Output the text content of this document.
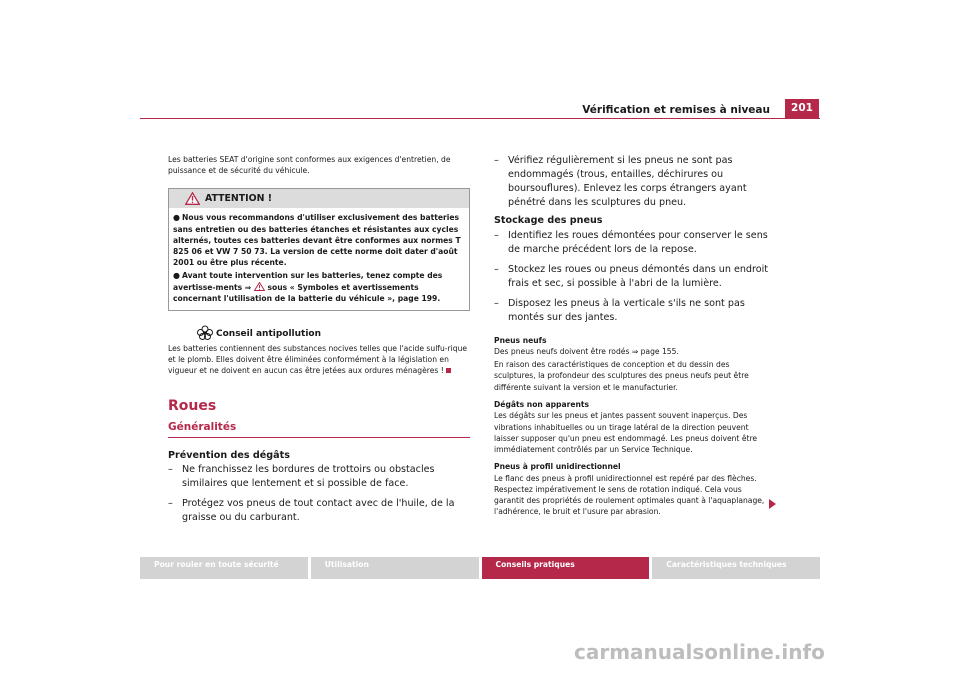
Vérification et remises à niveau	201

Les batteries SEAT d'origine sont conformes aux exigences d'entretien, de puissance et de sécurité du véhicule.

ATTENTION !

● Nous vous recommandons d'utiliser exclusivement des batteries sans entretien ou des batteries étanches et résistantes aux cycles alternés, toutes ces batteries devant être conformes aux normes T 825 06 et VW 7 50 73. La version de cette norme doit dater d'août 2001 ou être plus récente.

● Avant toute intervention sur les batteries, tenez compte des avertisse-ments ⇒ sous « Symboles et avertissements concernant l'utilisation de la batterie du véhicule », page 199.

Conseil antipollution

Les batteries contiennent des substances nocives telles que l'acide sulfu-rique et le plomb. Elles doivent être éliminées conformément à la législation en vigueur et ne doivent en aucun cas être jetées aux ordures ménagères !

Roues
Généralités
Prévention des dégâts
– Ne franchissez les bordures de trottoirs ou obstacles similaires que lentement et si possible de face.
– Protégez vos pneus de tout contact avec de l'huile, de la graisse ou du carburant.
– Vérifiez régulièrement si les pneus ne sont pas endommagés (trous, entailles, déchirures ou boursouflures). Enlevez les corps étrangers ayant pénétré dans les sculptures du pneu.
Stockage des pneus
– Identifiez les roues démontées pour conserver le sens de marche précédent lors de la repose.
– Stockez les roues ou pneus démontés dans un endroit frais et sec, si possible à l'abri de la lumière.
– Disposez les pneus à la verticale s'ils ne sont pas montés sur des jantes.
Pneus neufs

Des pneus neufs doivent être rodés ⇒ page 155.

En raison des caractéristiques de conception et du dessin des sculptures, la profondeur des sculptures des pneus neufs peut être différente suivant la version et le manufacturier.

Dégâts non apparents

Les dégâts sur les pneus et jantes passent souvent inaperçus. Des vibrations inhabituelles ou un tirage latéral de la direction peuvent laisser supposer qu'un pneu est endommagé. Les pneus doivent être immédiatement contrôlés par un Service Technique.

Pneus à profil unidirectionnel

Le flanc des pneus à profil unidirectionnel est repéré par des flèches. Respectez impérativement le sens de rotation indiqué. Cela vous garantit des propriétés de roulement optimales quant à l'aquaplanage, l'adhérence, le bruit et l'usure par abrasion.

Pour rouler en toute sécurité	Utilisation	Conseils pratiques	Caractéristiques techniques
carmanualsonline.info
